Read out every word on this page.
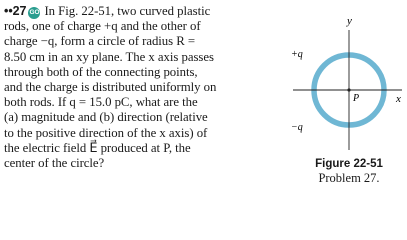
••27 GO In Fig. 22-51, two curved plastic
rods, one of charge +q and the other of
charge −q, form a circle of radius R =
8.50 cm in an xy plane. The x axis passes
through both of the connecting points,
and the charge is distributed uniformly on
both rods. If q = 15.0 pC, what are the
(a) magnitude and (b) direction (relative
to the positive direction of the x axis) of
the electric field E⃗ produced at P, the
center of the circle?
y
x
P
+q
−q
Figure 22-51
Problem 27.
